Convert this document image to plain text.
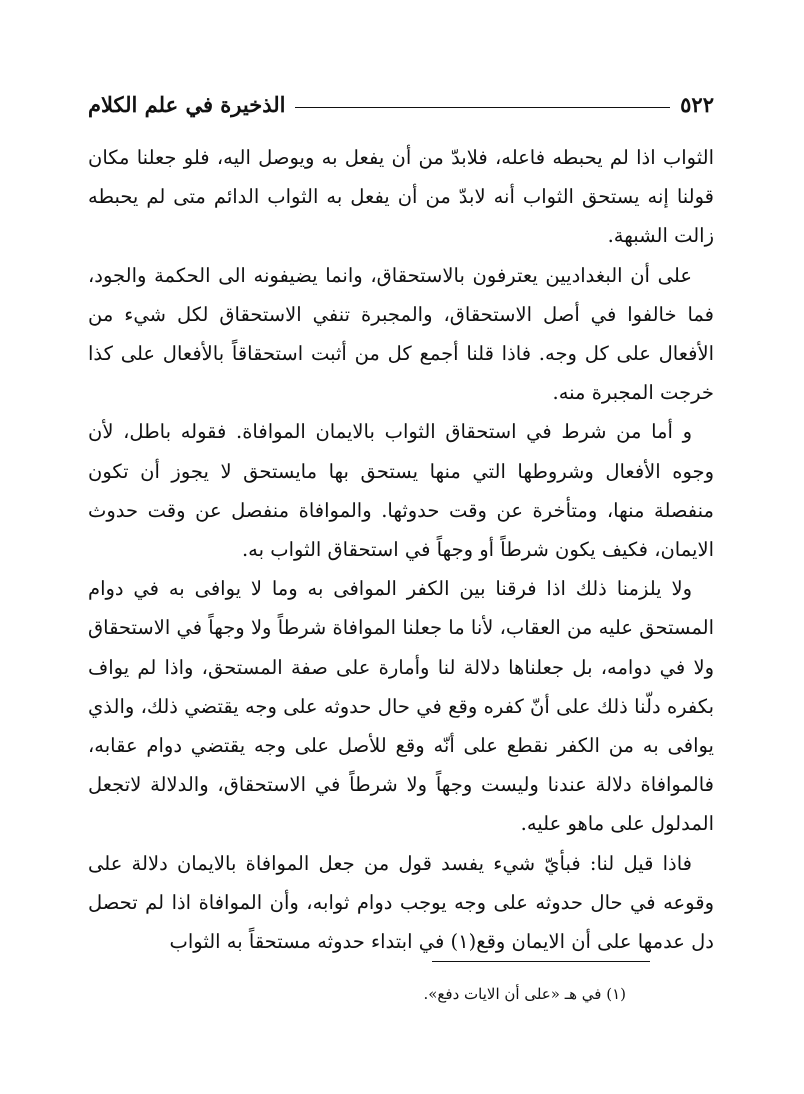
٥٢٢
الذخيرة في علم الكلام

الثواب اذا لم يحبطه فاعله، فلابدّ من أن يفعل به ويوصل اليه، فلو جعلنا مكان قولنا إنه يستحق الثواب أنه لابدّ من أن يفعل به الثواب الدائم متى لم يحبطه زالت الشبهة.

على أن البغداديين يعترفون بالاستحقاق، وانما يضيفونه الى الحكمة والجود، فما خالفوا في أصل الاستحقاق، والمجبرة تنفي الاستحقاق لكل شيء من الأفعال على كل وجه. فاذا قلنا أجمع كل من أثبت استحقاقاً بالأفعال على كذا خرجت المجبرة منه.

و أما من شرط في استحقاق الثواب بالايمان الموافاة. فقوله باطل، لأن وجوه الأفعال وشروطها التي منها يستحق بها مايستحق لا يجوز أن تكون منفصلة منها، ومتأخرة عن وقت حدوثها. والموافاة منفصل عن وقت حدوث الايمان، فكيف يكون شرطاً أو وجهاً في استحقاق الثواب به.

ولا يلزمنا ذلك اذا فرقنا بين الكفر الموافى به وما لا يوافى به في دوام المستحق عليه من العقاب، لأنا ما جعلنا الموافاة شرطاً ولا وجهاً في الاستحقاق ولا في دوامه، بل جعلناها دلالة لنا وأمارة على صفة المستحق، واذا لم يواف بكفره دلّنا ذلك على أنّ كفره وقع في حال حدوثه على وجه يقتضي ذلك، والذي يوافى به من الكفر نقطع على أنّه وقع للأصل على وجه يقتضي دوام عقابه، فالموافاة دلالة عندنا وليست وجهاً ولا شرطاً في الاستحقاق، والدلالة لاتجعل المدلول على ماهو عليه.

فاذا قيل لنا: فبأيّ شيء يفسد قول من جعل الموافاة بالايمان دلالة على وقوعه في حال حدوثه على وجه يوجب دوام ثوابه، وأن الموافاة اذا لم تحصل دل عدمها على أن الايمان وقع(١) في ابتداء حدوثه مستحقاً به الثواب

(١) في هـ «على أن الايات دفع».
